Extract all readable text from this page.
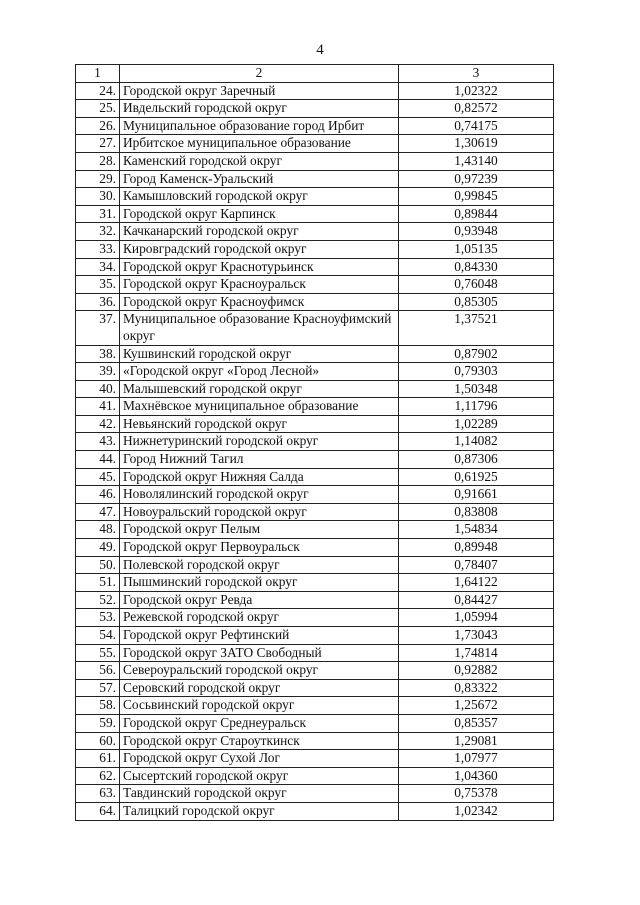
4
1	2	3
24.	Городской округ Заречный	1,02322
25.	Ивдельский городской округ	0,82572
26.	Муниципальное образование город Ирбит	0,74175
27.	Ирбитское муниципальное образование	1,30619
28.	Каменский городской округ	1,43140
29.	Город Каменск-Уральский	0,97239
30.	Камышловский городской округ	0,99845
31.	Городской округ Карпинск	0,89844
32.	Качканарский городской округ	0,93948
33.	Кировградский городской округ	1,05135
34.	Городской округ Краснотурьинск	0,84330
35.	Городской округ Красноуральск	0,76048
36.	Городской округ Красноуфимск	0,85305
37.	Муниципальное образование Красноуфимский округ	1,37521
38.	Кушвинский городской округ	0,87902
39.	«Городской округ «Город Лесной»	0,79303
40.	Малышевский городской округ	1,50348
41.	Махнёвское муниципальное образование	1,11796
42.	Невьянский городской округ	1,02289
43.	Нижнетуринский городской округ	1,14082
44.	Город Нижний Тагил	0,87306
45.	Городской округ Нижняя Салда	0,61925
46.	Новолялинский городской округ	0,91661
47.	Новоуральский городской округ	0,83808
48.	Городской округ Пелым	1,54834
49.	Городской округ Первоуральск	0,89948
50.	Полевской городской округ	0,78407
51.	Пышминский городской округ	1,64122
52.	Городской округ Ревда	0,84427
53.	Режевской городской округ	1,05994
54.	Городской округ Рефтинский	1,73043
55.	Городской округ ЗАТО Свободный	1,74814
56.	Североуральский городской округ	0,92882
57.	Серовский городской округ	0,83322
58.	Сосьвинский городской округ	1,25672
59.	Городской округ Среднеуральск	0,85357
60.	Городской округ Староуткинск	1,29081
61.	Городской округ Сухой Лог	1,07977
62.	Сысертский городской округ	1,04360
63.	Тавдинский городской округ	0,75378
64.	Талицкий городской округ	1,02342
